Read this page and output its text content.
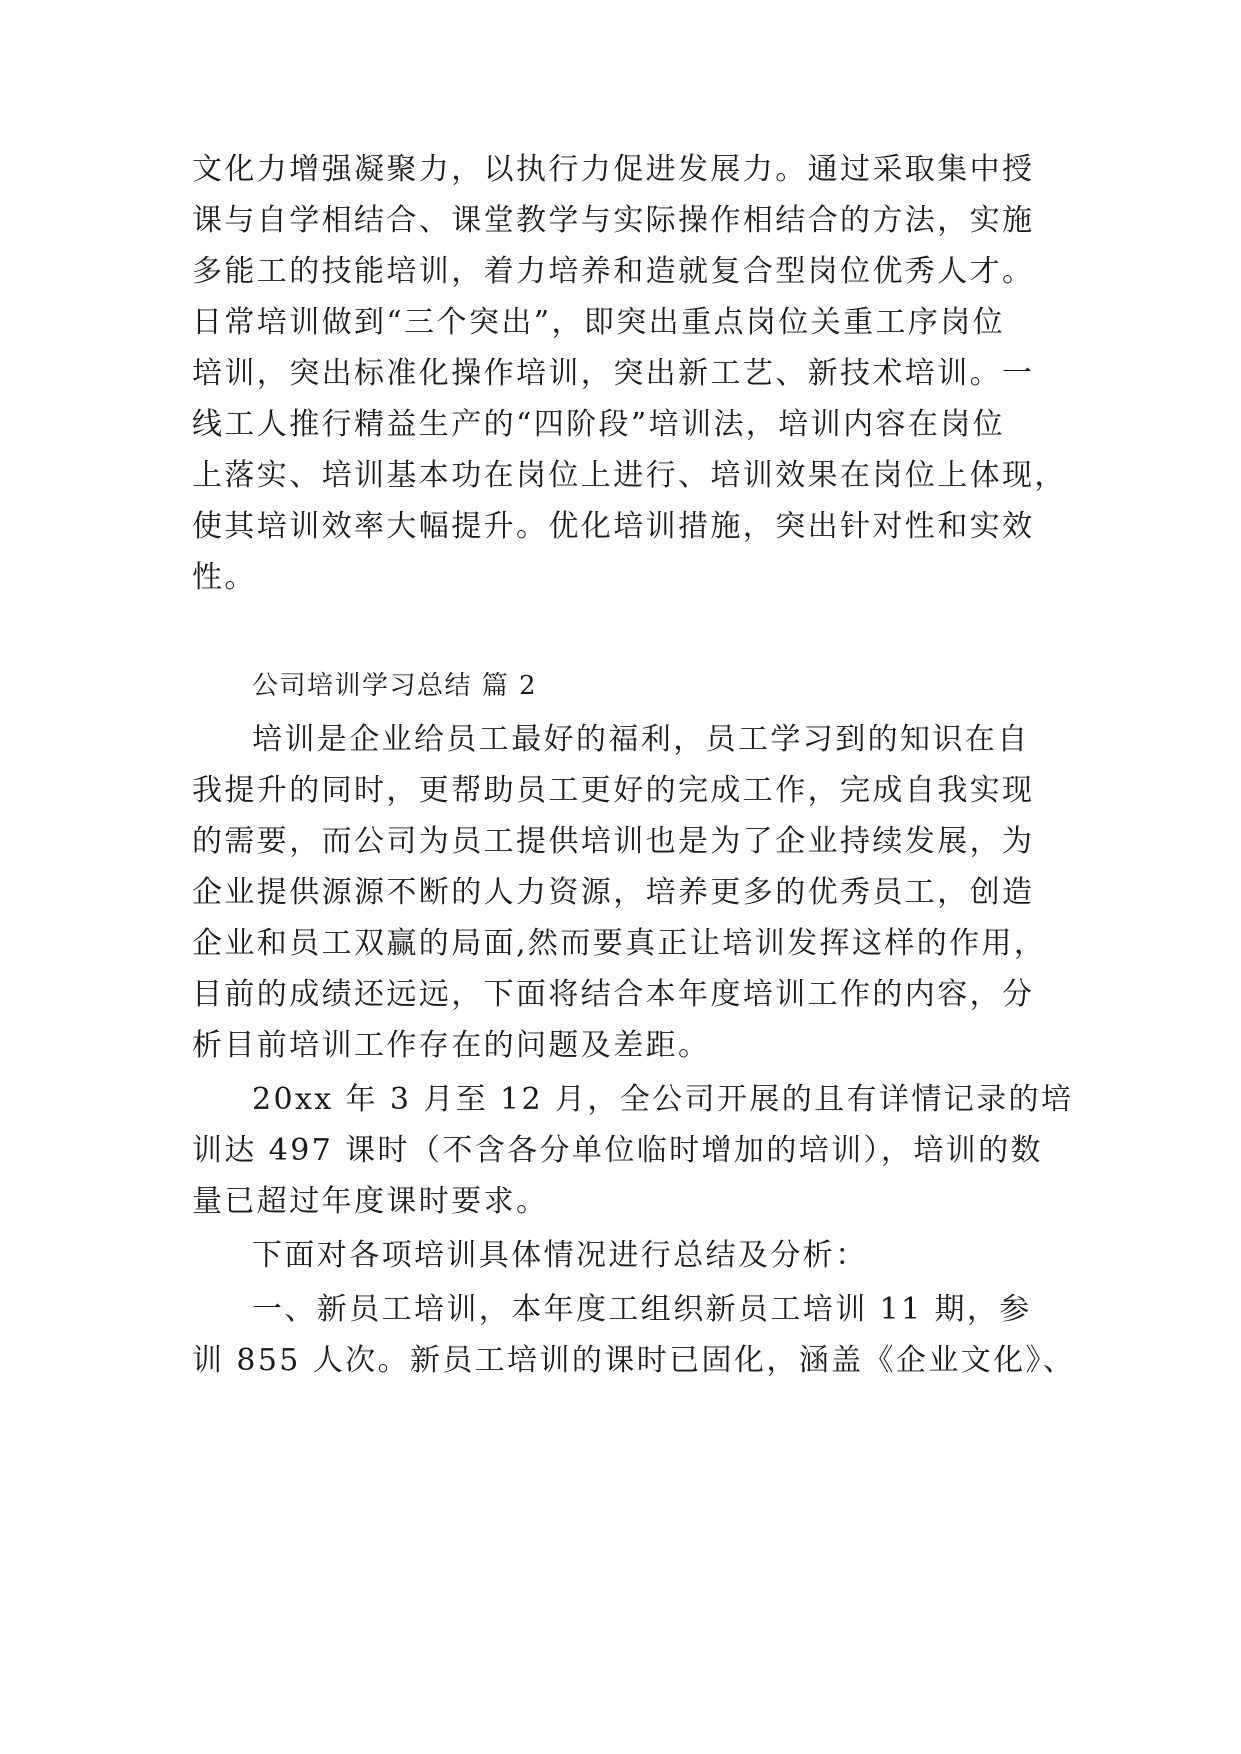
文化力增强凝聚力，以执行力促进发展力。通过采取集中授
课与自学相结合、课堂教学与实际操作相结合的方法，实施
多能工的技能培训，着力培养和造就复合型岗位优秀人才。
日常培训做到“三个突出”，即突出重点岗位关重工序岗位
培训，突出标准化操作培训，突出新工艺、新技术培训。一
线工人推行精益生产的“四阶段”培训法，培训内容在岗位
上落实、培训基本功在岗位上进行、培训效果在岗位上体现，
使其培训效率大幅提升。优化培训措施，突出针对性和实效
性。
公司培训学习总结 篇 2
培训是企业给员工最好的福利，员工学习到的知识在自
我提升的同时，更帮助员工更好的完成工作，完成自我实现
的需要，而公司为员工提供培训也是为了企业持续发展，为
企业提供源源不断的人力资源，培养更多的优秀员工，创造
企业和员工双赢的局面,然而要真正让培训发挥这样的作用，
目前的成绩还远远，下面将结合本年度培训工作的内容，分
析目前培训工作存在的问题及差距。
20xx 年 3 月至 12 月，全公司开展的且有详情记录的培
训达 497 课时（不含各分单位临时增加的培训），培训的数
量已超过年度课时要求。
下面对各项培训具体情况进行总结及分析：
一、新员工培训，本年度工组织新员工培训 11 期，参
训 855 人次。新员工培训的课时已固化，涵盖《企业文化》、
